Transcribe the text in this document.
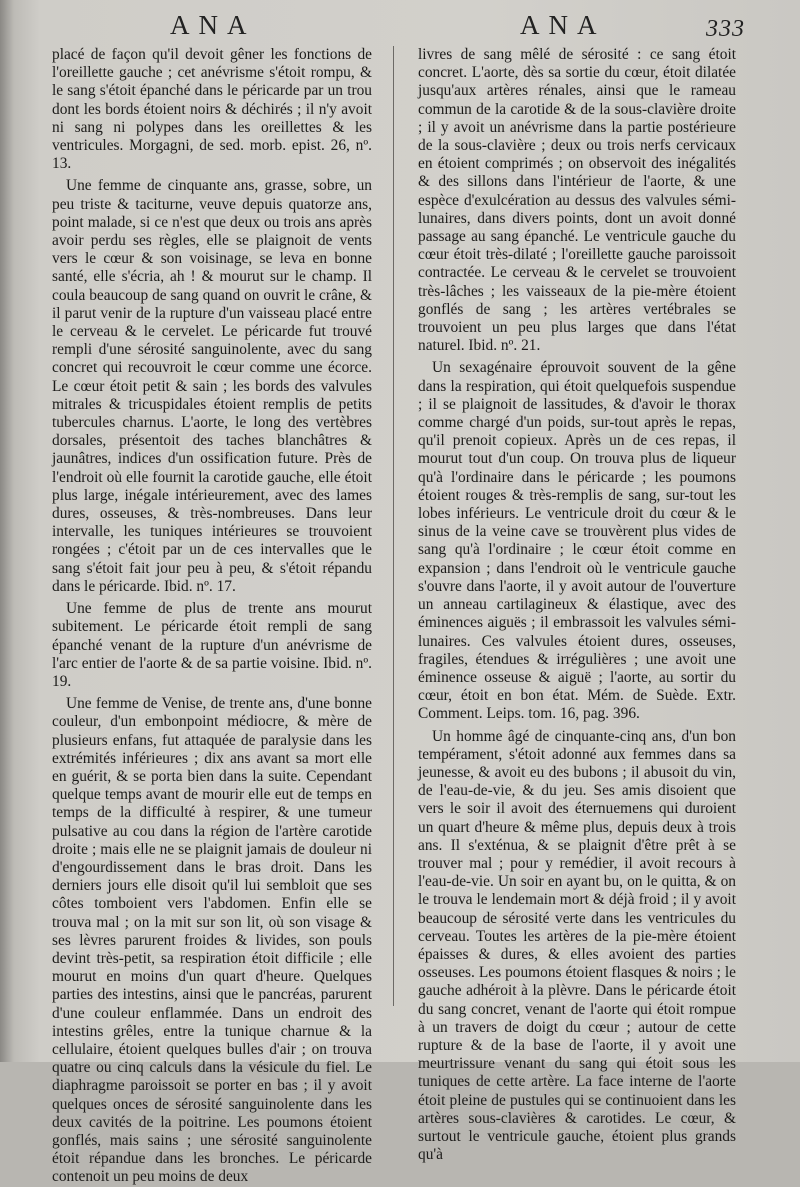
ANA	ANA	333

placé de façon qu'il devoit gêner les fonctions de l'oreillette gauche ; cet anévrisme s'étoit rompu, & le sang s'étoit épanché dans le péricarde par un trou dont les bords étoient noirs & déchirés ; il n'y avoit ni sang ni polypes dans les oreillettes & les ventricules. Morgagni, de sed. morb. epist. 26, nº. 13.

Une femme de cinquante ans, grasse, sobre, un peu triste & taciturne, veuve depuis quatorze ans, point malade, si ce n'est que deux ou trois ans après avoir perdu ses règles, elle se plaignoit de vents vers le cœur & son voisinage, se leva en bonne santé, elle s'écria, ah ! & mourut sur le champ. Il coula beaucoup de sang quand on ouvrit le crâne, & il parut venir de la rupture d'un vaisseau placé entre le cerveau & le cervelet. Le péricarde fut trouvé rempli d'une sérosité sanguinolente, avec du sang concret qui recouvroit le cœur comme une écorce. Le cœur étoit petit & sain ; les bords des valvules mitrales & tricuspidales étoient remplis de petits tubercules charnus. L'aorte, le long des vertèbres dorsales, présentoit des taches blanchâtres & jaunâtres, indices d'un ossification future. Près de l'endroit où elle fournit la carotide gauche, elle étoit plus large, inégale intérieurement, avec des lames dures, osseuses, & très-nombreuses. Dans leur intervalle, les tuniques intérieures se trouvoient rongées ; c'étoit par un de ces intervalles que le sang s'étoit fait jour peu à peu, & s'étoit répandu dans le péricarde. Ibid. nº. 17.

Une femme de plus de trente ans mourut subitement. Le péricarde étoit rempli de sang épanché venant de la rupture d'un anévrisme de l'arc entier de l'aorte & de sa partie voisine. Ibid. nº. 19.

Une femme de Venise, de trente ans, d'une bonne couleur, d'un embonpoint médiocre, & mère de plusieurs enfans, fut attaquée de paralysie dans les extrémités inférieures ; dix ans avant sa mort elle en guérit, & se porta bien dans la suite. Cependant quelque temps avant de mourir elle eut de temps en temps de la difficulté à respirer, & une tumeur pulsative au cou dans la région de l'artère carotide droite ; mais elle ne se plaignit jamais de douleur ni d'engourdissement dans le bras droit. Dans les derniers jours elle disoit qu'il lui sembloit que ses côtes tomboient vers l'abdomen. Enfin elle se trouva mal ; on la mit sur son lit, où son visage & ses lèvres parurent froides & livides, son pouls devint très-petit, sa respiration étoit difficile ; elle mourut en moins d'un quart d'heure. Quelques parties des intestins, ainsi que le pancréas, parurent d'une couleur enflammée. Dans un endroit des intestins grêles, entre la tunique charnue & la cellulaire, étoient quelques bulles d'air ; on trouva quatre ou cinq calculs dans la vésicule du fiel. Le diaphragme paroissoit se porter en bas ; il y avoit quelques onces de sérosité sanguinolente dans les deux cavités de la poitrine. Les poumons étoient gonflés, mais sains ; une sérosité sanguinolente étoit répandue dans les bronches. Le péricarde contenoit un peu moins de deux

livres de sang mêlé de sérosité : ce sang étoit concret. L'aorte, dès sa sortie du cœur, étoit dilatée jusqu'aux artères rénales, ainsi que le rameau commun de la carotide & de la sous-clavière droite ; il y avoit un anévrisme dans la partie postérieure de la sous-clavière ; deux ou trois nerfs cervicaux en étoient comprimés ; on observoit des inégalités & des sillons dans l'intérieur de l'aorte, & une espèce d'exulcération au dessus des valvules sémi-lunaires, dans divers points, dont un avoit donné passage au sang épanché. Le ventricule gauche du cœur étoit très-dilaté ; l'oreillette gauche paroissoit contractée. Le cerveau & le cervelet se trouvoient très-lâches ; les vaisseaux de la pie-mère étoient gonflés de sang ; les artères vertébrales se trouvoient un peu plus larges que dans l'état naturel. Ibid. nº. 21.

Un sexagénaire éprouvoit souvent de la gêne dans la respiration, qui étoit quelquefois suspendue ; il se plaignoit de lassitudes, & d'avoir le thorax comme chargé d'un poids, sur-tout après le repas, qu'il prenoit copieux. Après un de ces repas, il mourut tout d'un coup. On trouva plus de liqueur qu'à l'ordinaire dans le péricarde ; les poumons étoient rouges & très-remplis de sang, sur-tout les lobes inférieurs. Le ventricule droit du cœur & le sinus de la veine cave se trouvèrent plus vides de sang qu'à l'ordinaire ; le cœur étoit comme en expansion ; dans l'endroit où le ventricule gauche s'ouvre dans l'aorte, il y avoit autour de l'ouverture un anneau cartilagineux & élastique, avec des éminences aiguës ; il embrassoit les valvules sémi-lunaires. Ces valvules étoient dures, osseuses, fragiles, étendues & irrégulières ; une avoit une éminence osseuse & aiguë ; l'aorte, au sortir du cœur, étoit en bon état. Mém. de Suède. Extr. Comment. Leips. tom. 16, pag. 396.

Un homme âgé de cinquante-cinq ans, d'un bon tempérament, s'étoit adonné aux femmes dans sa jeunesse, & avoit eu des bubons ; il abusoit du vin, de l'eau-de-vie, & du jeu. Ses amis disoient que vers le soir il avoit des éternuemens qui duroient un quart d'heure & même plus, depuis deux à trois ans. Il s'exténua, & se plaignit d'être prêt à se trouver mal ; pour y remédier, il avoit recours à l'eau-de-vie. Un soir en ayant bu, on le quitta, & on le trouva le lendemain mort & déjà froid ; il y avoit beaucoup de sérosité verte dans les ventricules du cerveau. Toutes les artères de la pie-mère étoient épaisses & dures, & elles avoient des parties osseuses. Les poumons étoient flasques & noirs ; le gauche adhéroit à la plèvre. Dans le péricarde étoit du sang concret, venant de l'aorte qui étoit rompue à un travers de doigt du cœur ; autour de cette rupture & de la base de l'aorte, il y avoit une meurtrissure venant du sang qui étoit sous les tuniques de cette artère. La face interne de l'aorte étoit pleine de pustules qui se continuoient dans les artères sous-clavières & carotides. Le cœur, & surtout le ventricule gauche, étoient plus grands qu'à
